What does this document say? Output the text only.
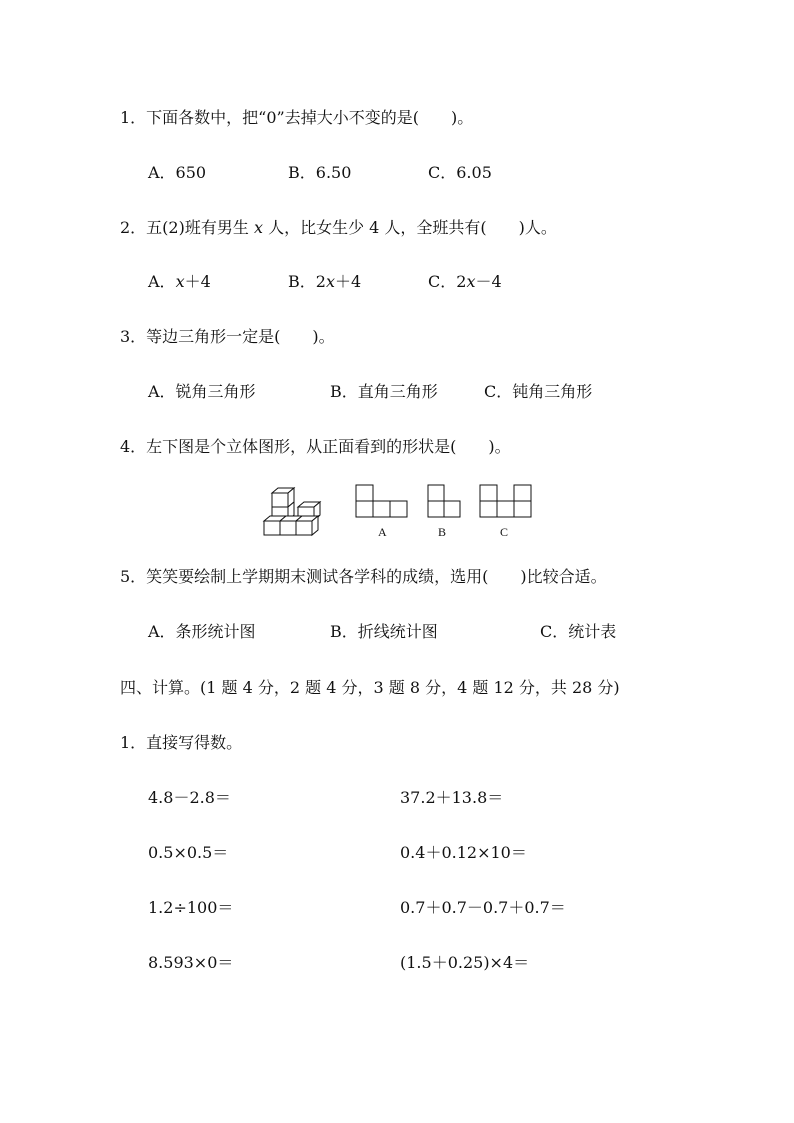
1．下面各数中，把“0”去掉大小不变的是(　　)。
A．650	B．6.50	C．6.05
2．五(2)班有男生 x 人，比女生少 4 人，全班共有(　　)人。
A．x＋4	B．2x＋4	C．2x－4
3．等边三角形一定是(　　)。
A．锐角三角形	B．直角三角形	C．钝角三角形
4．左下图是个立体图形，从正面看到的形状是(　　)。
A	B	C
5．笑笑要绘制上学期期末测试各学科的成绩，选用(　　)比较合适。
A．条形统计图	B．折线统计图	C．统计表
四、计算。(1 题 4 分，2 题 4 分，3 题 8 分，4 题 12 分，共 28 分)
1．直接写得数。
4.8－2.8＝	37.2＋13.8＝
0.5×0.5＝	0.4＋0.12×10＝
1.2÷100＝	0.7＋0.7－0.7＋0.7＝
8.593×0＝	(1.5＋0.25)×4＝
